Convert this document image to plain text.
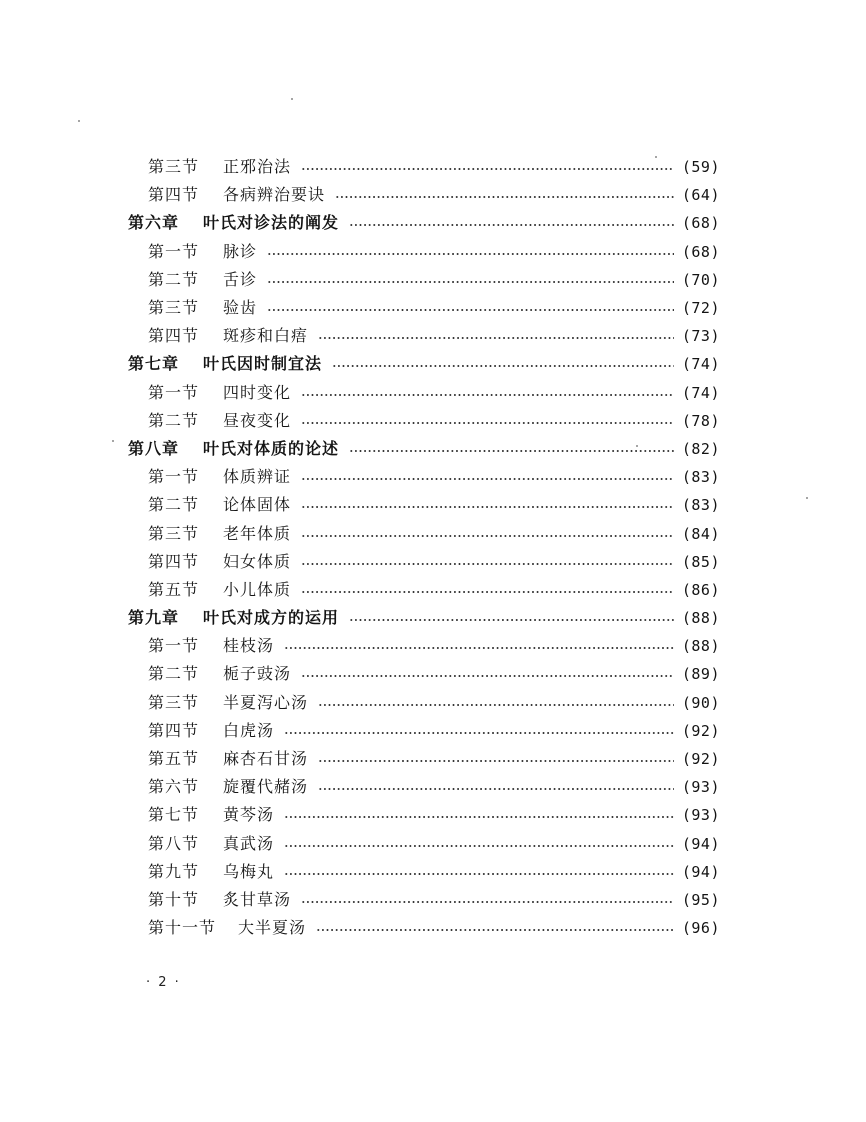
第三节 正邪治法	(59)
第四节 各病辨治要诀	(64)
第六章 叶氏对诊法的阐发	(68)
第一节 脉诊	(68)
第二节 舌诊	(70)
第三节 验齿	(72)
第四节 斑疹和白痦	(73)
第七章 叶氏因时制宜法	(74)
第一节 四时变化	(74)
第二节 昼夜变化	(78)
第八章 叶氏对体质的论述	(82)
第一节 体质辨证	(83)
第二节 论体固体	(83)
第三节 老年体质	(84)
第四节 妇女体质	(85)
第五节 小儿体质	(86)
第九章 叶氏对成方的运用	(88)
第一节 桂枝汤	(88)
第二节 栀子豉汤	(89)
第三节 半夏泻心汤	(90)
第四节 白虎汤	(92)
第五节 麻杏石甘汤	(92)
第六节 旋覆代赭汤	(93)
第七节 黄芩汤	(93)
第八节 真武汤	(94)
第九节 乌梅丸	(94)
第十节 炙甘草汤	(95)
第十一节 大半夏汤	(96)
· 2 ·
